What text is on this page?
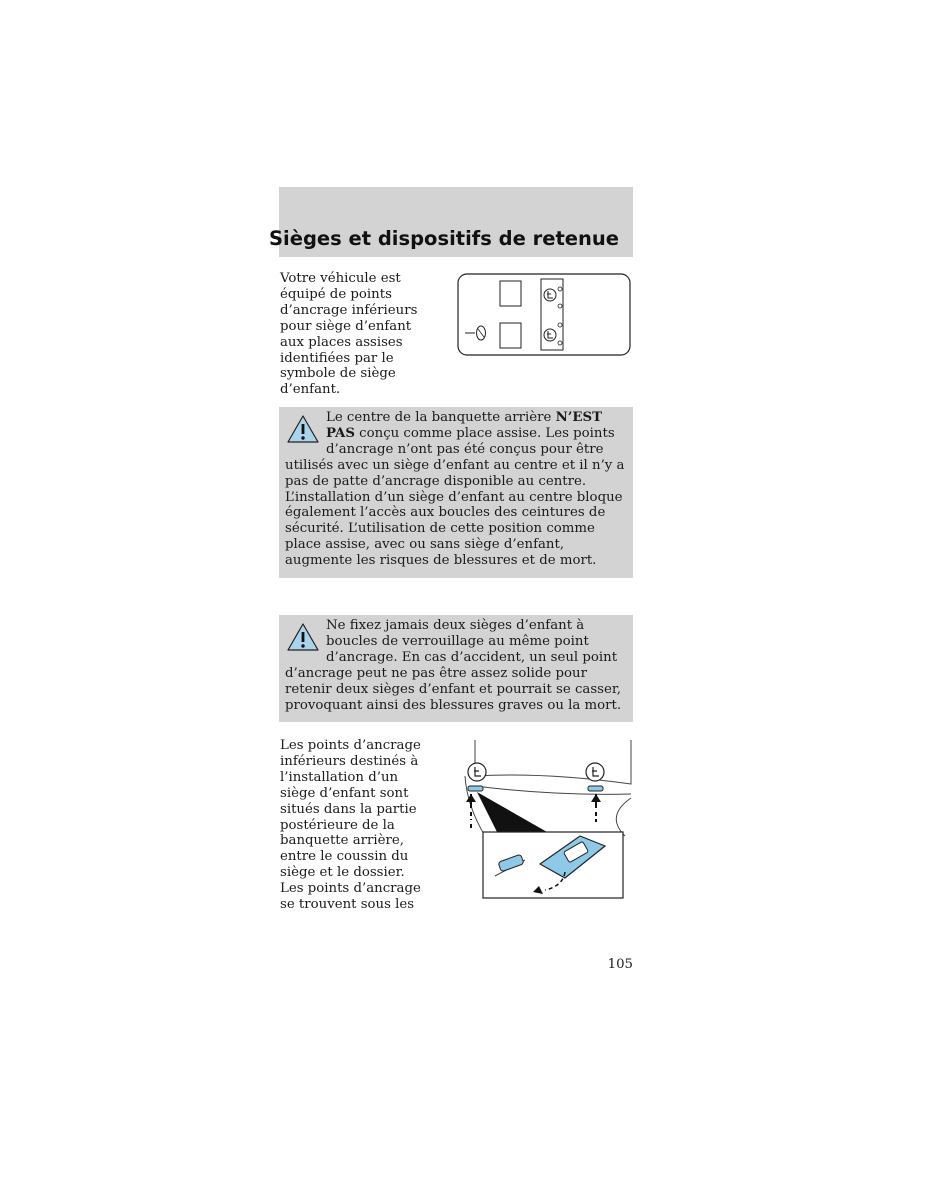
Sièges et dispositifs de retenue

Votre véhicule est équipé de points d’ancrage inférieurs pour siège d’enfant aux places assises identifiées par le symbole de siège d’enfant.

Le centre de la banquette arrière N’EST PAS conçu comme place assise. Les points d’ancrage n’ont pas été conçus pour être utilisés avec un siège d’enfant au centre et il n’y a pas de patte d’ancrage disponible au centre. L’installation d’un siège d’enfant au centre bloque également l’accès aux boucles des ceintures de sécurité. L’utilisation de cette position comme place assise, avec ou sans siège d’enfant, augmente les risques de blessures et de mort.

Ne fixez jamais deux sièges d’enfant à boucles de verrouillage au même point d’ancrage. En cas d’accident, un seul point d’ancrage peut ne pas être assez solide pour retenir deux sièges d’enfant et pourrait se casser, provoquant ainsi des blessures graves ou la mort.

Les points d’ancrage inférieurs destinés à l’installation d’un siège d’enfant sont situés dans la partie postérieure de la banquette arrière, entre le coussin du siège et le dossier. Les points d’ancrage se trouvent sous les

105
